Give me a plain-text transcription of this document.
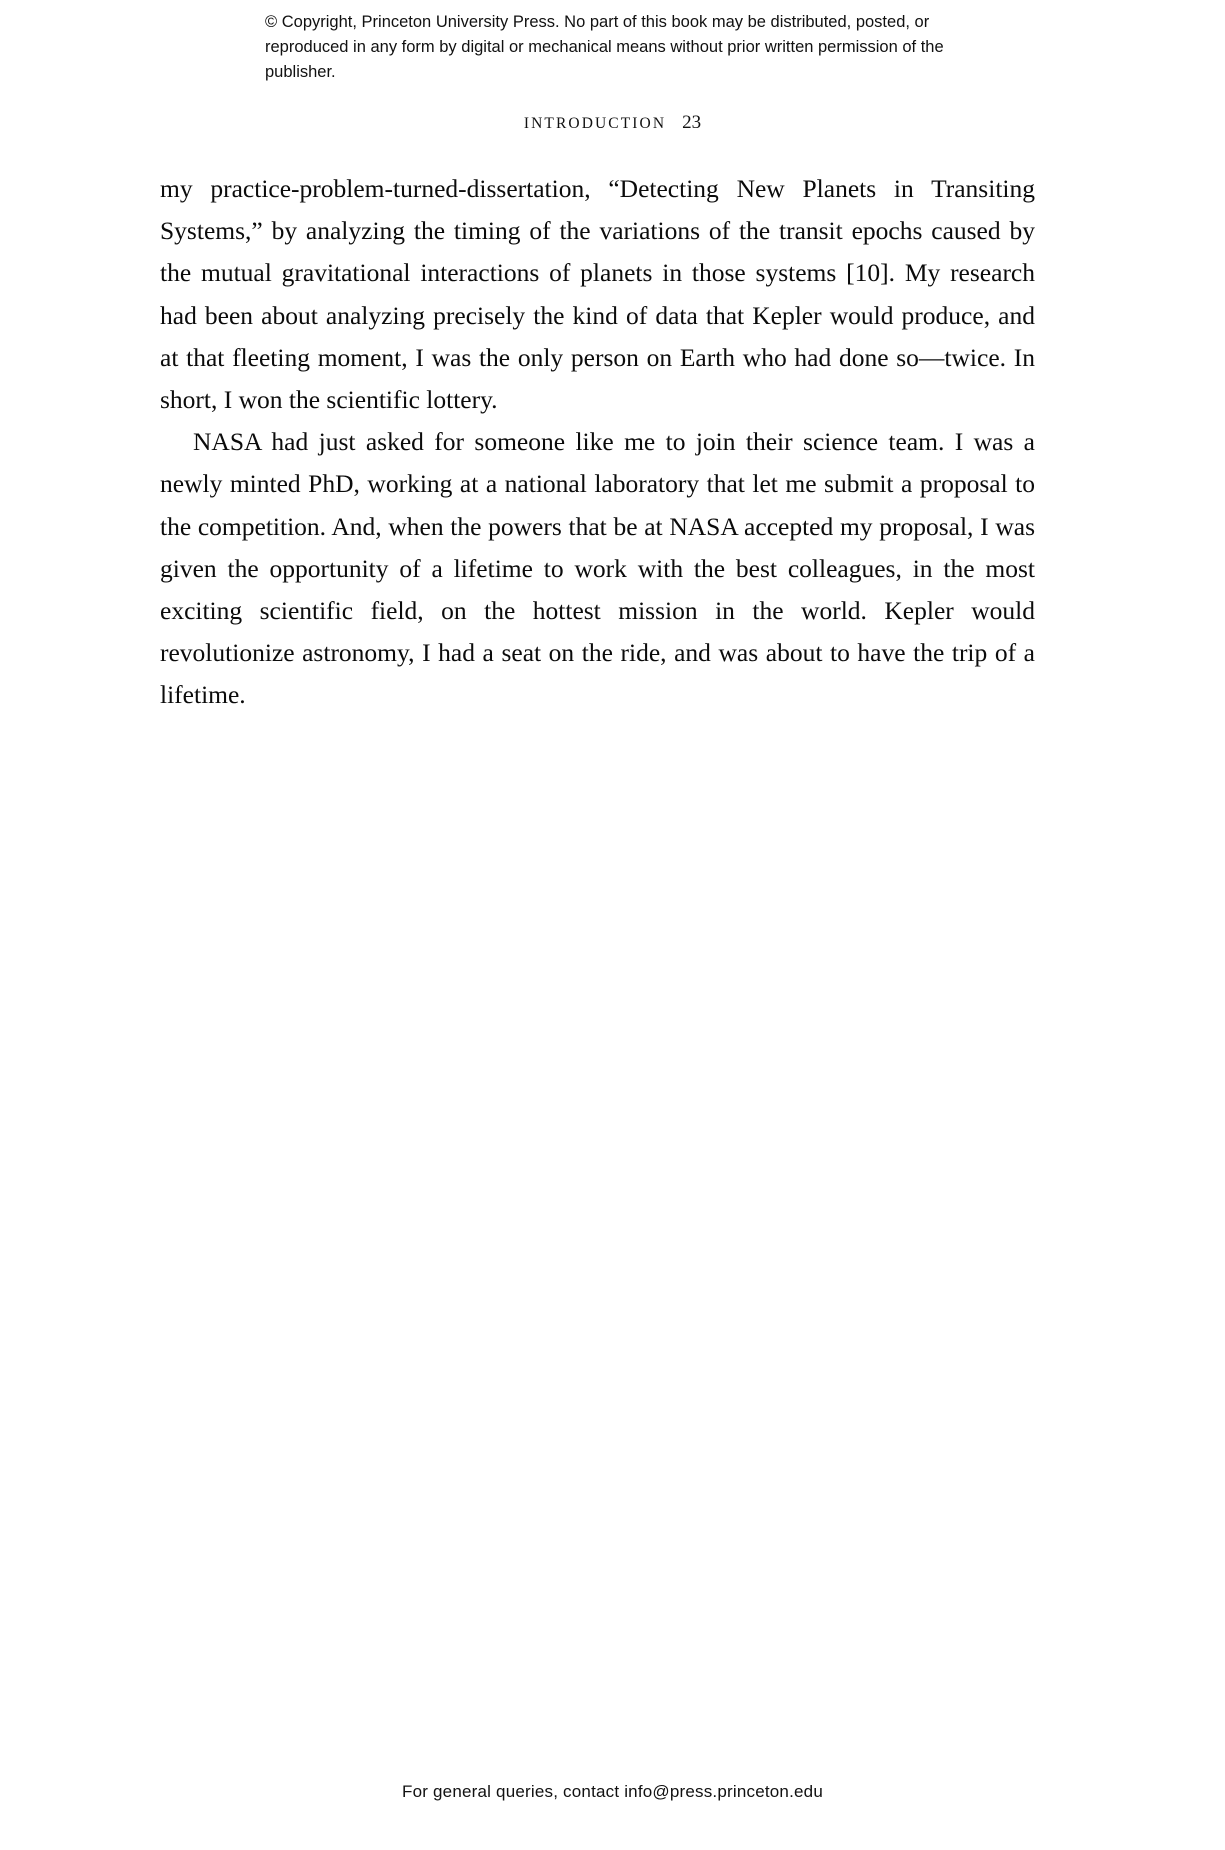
© Copyright, Princeton University Press. No part of this book may be distributed, posted, or reproduced in any form by digital or mechanical means without prior written permission of the publisher.
INTRODUCTION 23

my practice-problem-turned-dissertation, “Detecting New Planets in Transiting Systems,” by analyzing the timing of the variations of the transit epochs caused by the mutual gravitational interactions of planets in those systems [10]. My research had been about analyzing precisely the kind of data that Kepler would produce, and at that fleeting moment, I was the only person on Earth who had done so—twice. In short, I won the scientific lottery.

NASA had just asked for someone like me to join their science team. I was a newly minted PhD, working at a national laboratory that let me submit a proposal to the competition. And, when the powers that be at NASA accepted my proposal, I was given the opportunity of a lifetime to work with the best colleagues, in the most exciting scientific field, on the hottest mission in the world. Kepler would revolutionize astronomy, I had a seat on the ride, and was about to have the trip of a lifetime.

For general queries, contact info@press.princeton.edu
